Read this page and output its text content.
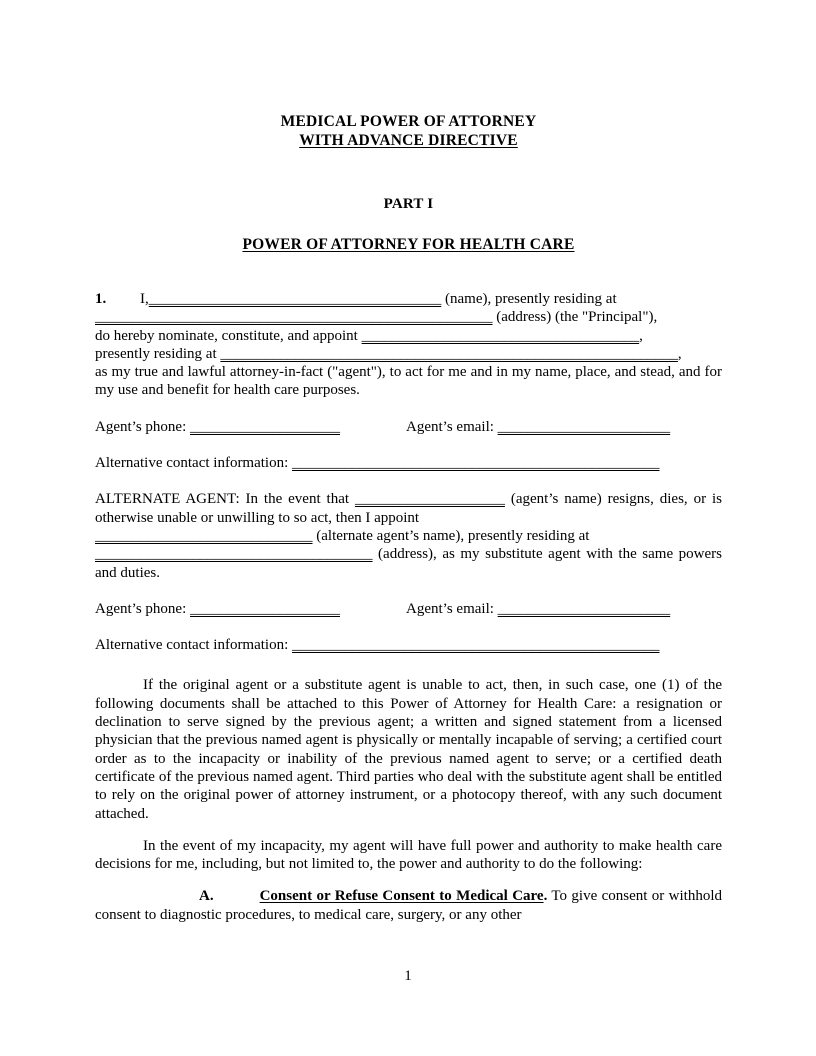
MEDICAL POWER OF ATTORNEY
WITH ADVANCE DIRECTIVE
PART I
POWER OF ATTORNEY FOR HEALTH CARE
1. I,_______________________________________ (name), presently residing at
_____________________________________________________ (address) (the "Principal"),
do hereby nominate, constitute, and appoint _____________________________________,
presently residing at _____________________________________________________________,
as my true and lawful attorney-in-fact ("agent"), to act for me and in my name, place, and stead, and for my use and benefit for health care purposes.
Agent’s phone: ____________________	Agent’s email: _______________________
Alternative contact information: _________________________________________________
ALTERNATE AGENT: In the event that ____________________ (agent’s name) resigns, dies, or is otherwise unable or unwilling to so act, then I appoint
_____________________________ (alternate agent’s name), presently residing at
_____________________________________ (address), as my substitute agent with the same powers and duties.
Agent’s phone: ____________________	Agent’s email: _______________________
Alternative contact information: _________________________________________________
If the original agent or a substitute agent is unable to act, then, in such case, one (1) of the following documents shall be attached to this Power of Attorney for Health Care: a resignation or declination to serve signed by the previous agent; a written and signed statement from a licensed physician that the previous named agent is physically or mentally incapable of serving; a certified court order as to the incapacity or inability of the previous named agent to serve; or a certified death certificate of the previous named agent. Third parties who deal with the substitute agent shall be entitled to rely on the original power of attorney instrument, or a photocopy thereof, with any such document attached.
In the event of my incapacity, my agent will have full power and authority to make health care decisions for me, including, but not limited to, the power and authority to do the following:
A.	Consent or Refuse Consent to Medical Care. To give consent or withhold consent to diagnostic procedures, to medical care, surgery, or any other
1
